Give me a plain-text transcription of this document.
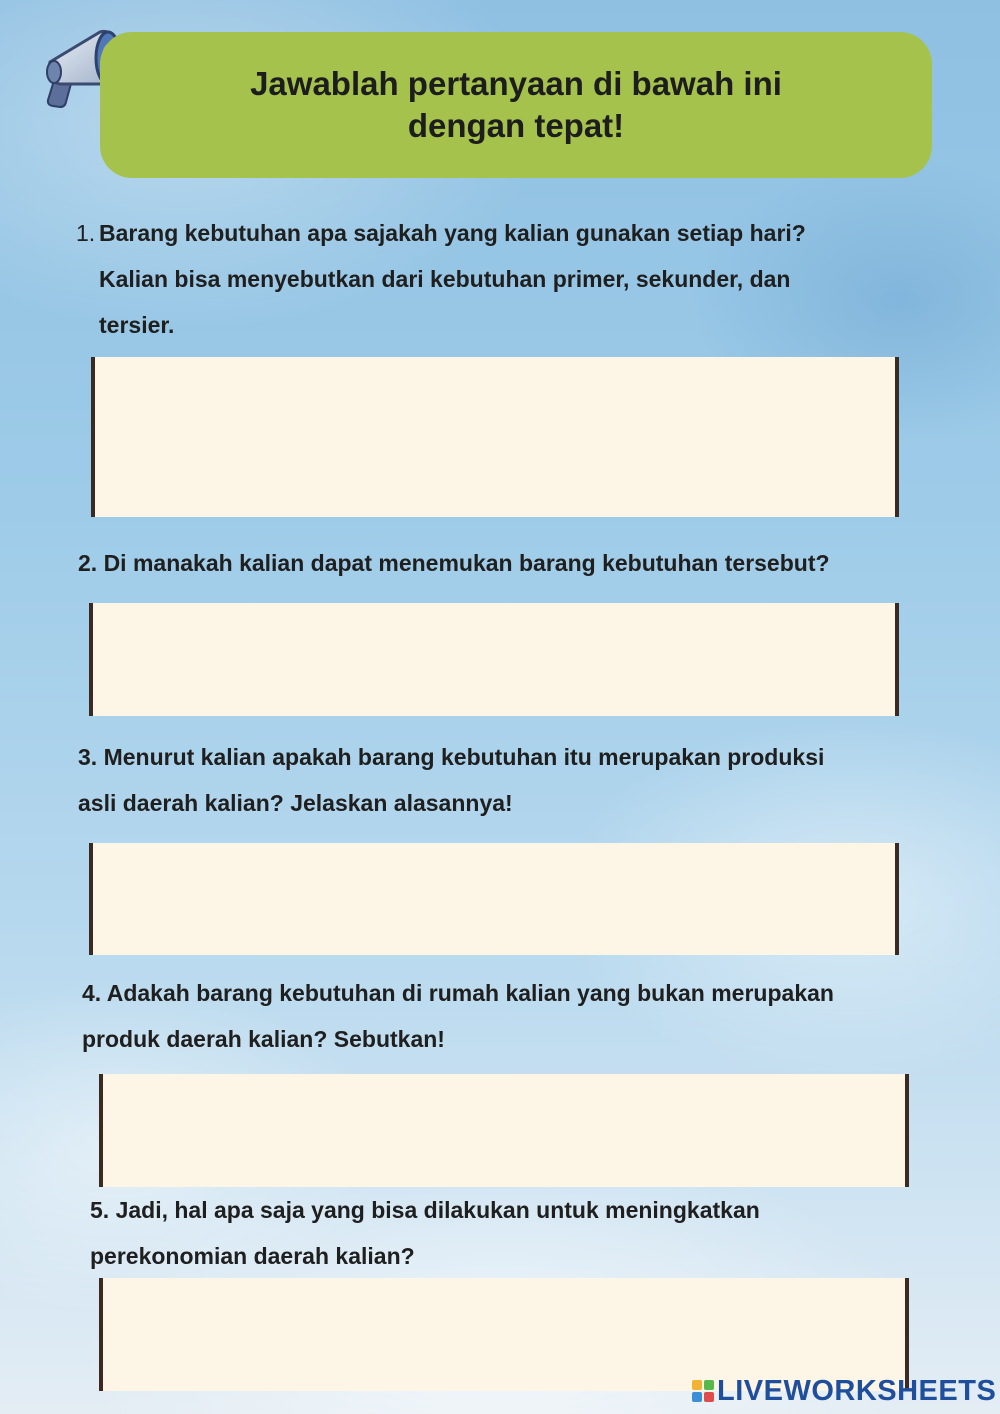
Jawablah pertanyaan di bawah ini
dengan tepat!
1. Barang kebutuhan apa sajakah yang kalian gunakan setiap hari?
Kalian bisa menyebutkan dari kebutuhan primer, sekunder, dan
tersier.
2. Di manakah kalian dapat menemukan barang kebutuhan tersebut?
3. Menurut kalian apakah barang kebutuhan itu merupakan produksi
asli daerah kalian? Jelaskan alasannya!
4. Adakah barang kebutuhan di rumah kalian yang bukan merupakan
produk daerah kalian? Sebutkan!
5. Jadi, hal apa saja yang bisa dilakukan untuk meningkatkan
perekonomian daerah kalian?
LIVEWORKSHEETS
